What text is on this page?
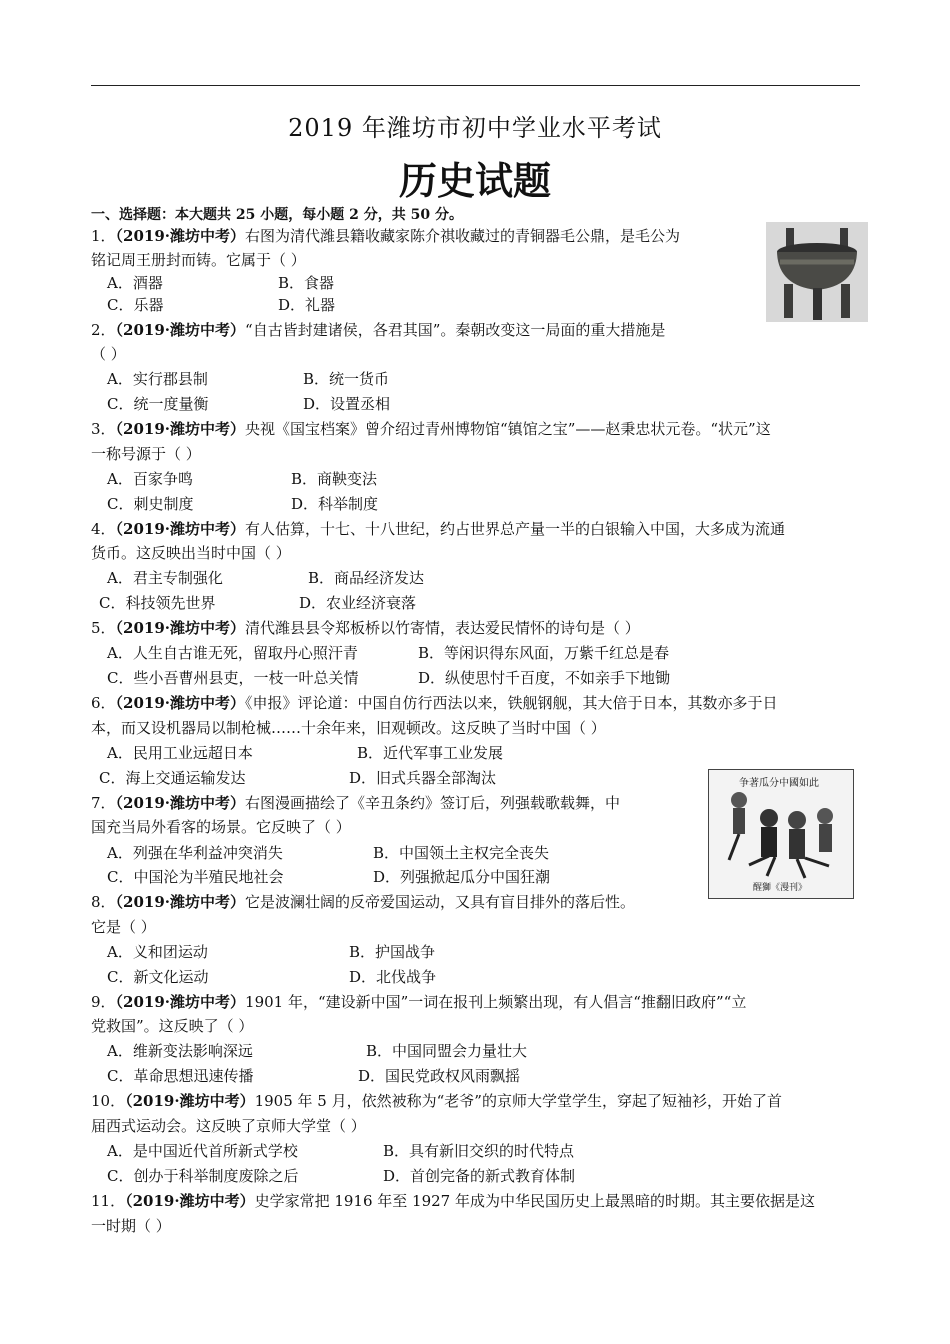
2019 年潍坊市初中学业水平考试
历史试题
一、选择题：本大题共 25 小题，每小题 2 分，共 50 分。
争著瓜分中國如此
醒獅《漫刊》
1．（2019·潍坊中考）右图为清代潍县籍收藏家陈介祺收藏过的青铜器毛公鼎，是毛公为
铭记周王册封而铸。它属于（ ）
A．酒器	B．食器
C．乐器	D．礼器
2．（2019·潍坊中考）“自古皆封建诸侯，各君其国”。秦朝改变这一局面的重大措施是
（ ）
A．实行郡县制	B．统一货币
C．统一度量衡	D．设置丞相
3．（2019·潍坊中考）央视《国宝档案》曾介绍过青州博物馆“镇馆之宝”——赵秉忠状元卷。“状元”这
一称号源于（ ）
A．百家争鸣	B．商鞅变法
C．刺史制度	D．科举制度
4．（2019·潍坊中考）有人估算，十七、十八世纪，约占世界总产量一半的白银输入中国，大多成为流通
货币。这反映出当时中国（ ）
A．君主专制强化	B．商品经济发达
C．科技领先世界	D．农业经济衰落
5．（2019·潍坊中考）清代潍县县令郑板桥以竹寄情，表达爱民情怀的诗句是（ ）
A．人生自古谁无死，留取丹心照汗青	B．等闲识得东风面，万紫千红总是春
C．些小吾曹州县吏，一枝一叶总关情	D．纵使思忖千百度，不如亲手下地锄
6．（2019·潍坊中考）《申报》评论道：中国自仿行西法以来，铁舰钢舰，其大倍于日本，其数亦多于日
本，而又设机器局以制枪械……十余年来，旧观顿改。这反映了当时中国（ ）
A．民用工业远超日本	B．近代军事工业发展
C．海上交通运输发达	D．旧式兵器全部淘汰
7．（2019·潍坊中考）右图漫画描绘了《辛丑条约》签订后，列强载歌载舞，中
国充当局外看客的场景。它反映了（ ）
A．列强在华利益冲突消失	B．中国领土主权完全丧失
C．中国沦为半殖民地社会	D．列强掀起瓜分中国狂潮
8．（2019·潍坊中考）它是波澜壮阔的反帝爱国运动，又具有盲目排外的落后性。
它是（ ）
A．义和团运动	B．护国战争
C．新文化运动	D．北伐战争
9．（2019·潍坊中考）1901 年，“建设新中国”一词在报刊上频繁出现，有人倡言“推翻旧政府”“立
党救国”。这反映了（ ）
A．维新变法影响深远	B．中国同盟会力量壮大
C．革命思想迅速传播	D．国民党政权风雨飘摇
10．（2019·潍坊中考）1905 年 5 月，依然被称为“老爷”的京师大学堂学生，穿起了短袖衫，开始了首
届西式运动会。这反映了京师大学堂（ ）
A．是中国近代首所新式学校	B．具有新旧交织的时代特点
C．创办于科举制度废除之后	D．首创完备的新式教育体制
11．（2019·潍坊中考）史学家常把 1916 年至 1927 年成为中华民国历史上最黑暗的时期。其主要依据是这
一时期（ ）
